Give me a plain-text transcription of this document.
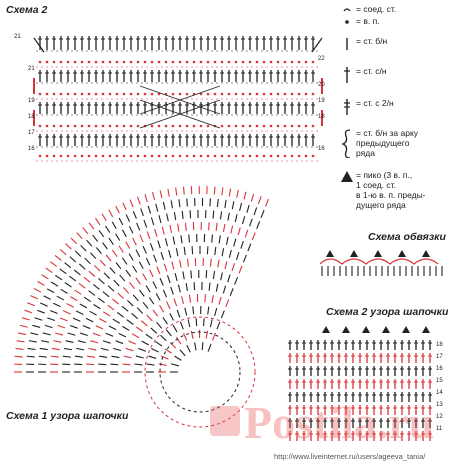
21
21
19
18
17
16
22
20
19
18
16
18
17
16
15
14
13
12
11
Схема 2
Схема обвязки
Схема 2 узора шапочки
Схема 1 узора шапочки
= соед. ст.
= в. п.
= ст. б/н
= ст. с/н
= ст. с 2/н
= ст. б/н за арку
предыдущего
ряда
= пико (3 в. п.,
1 соед. ст.
в 1-ю в. п. преды-
дущего ряда
Postila.ru
http://www.liveinternet.ru/users/ageeva_tania/
